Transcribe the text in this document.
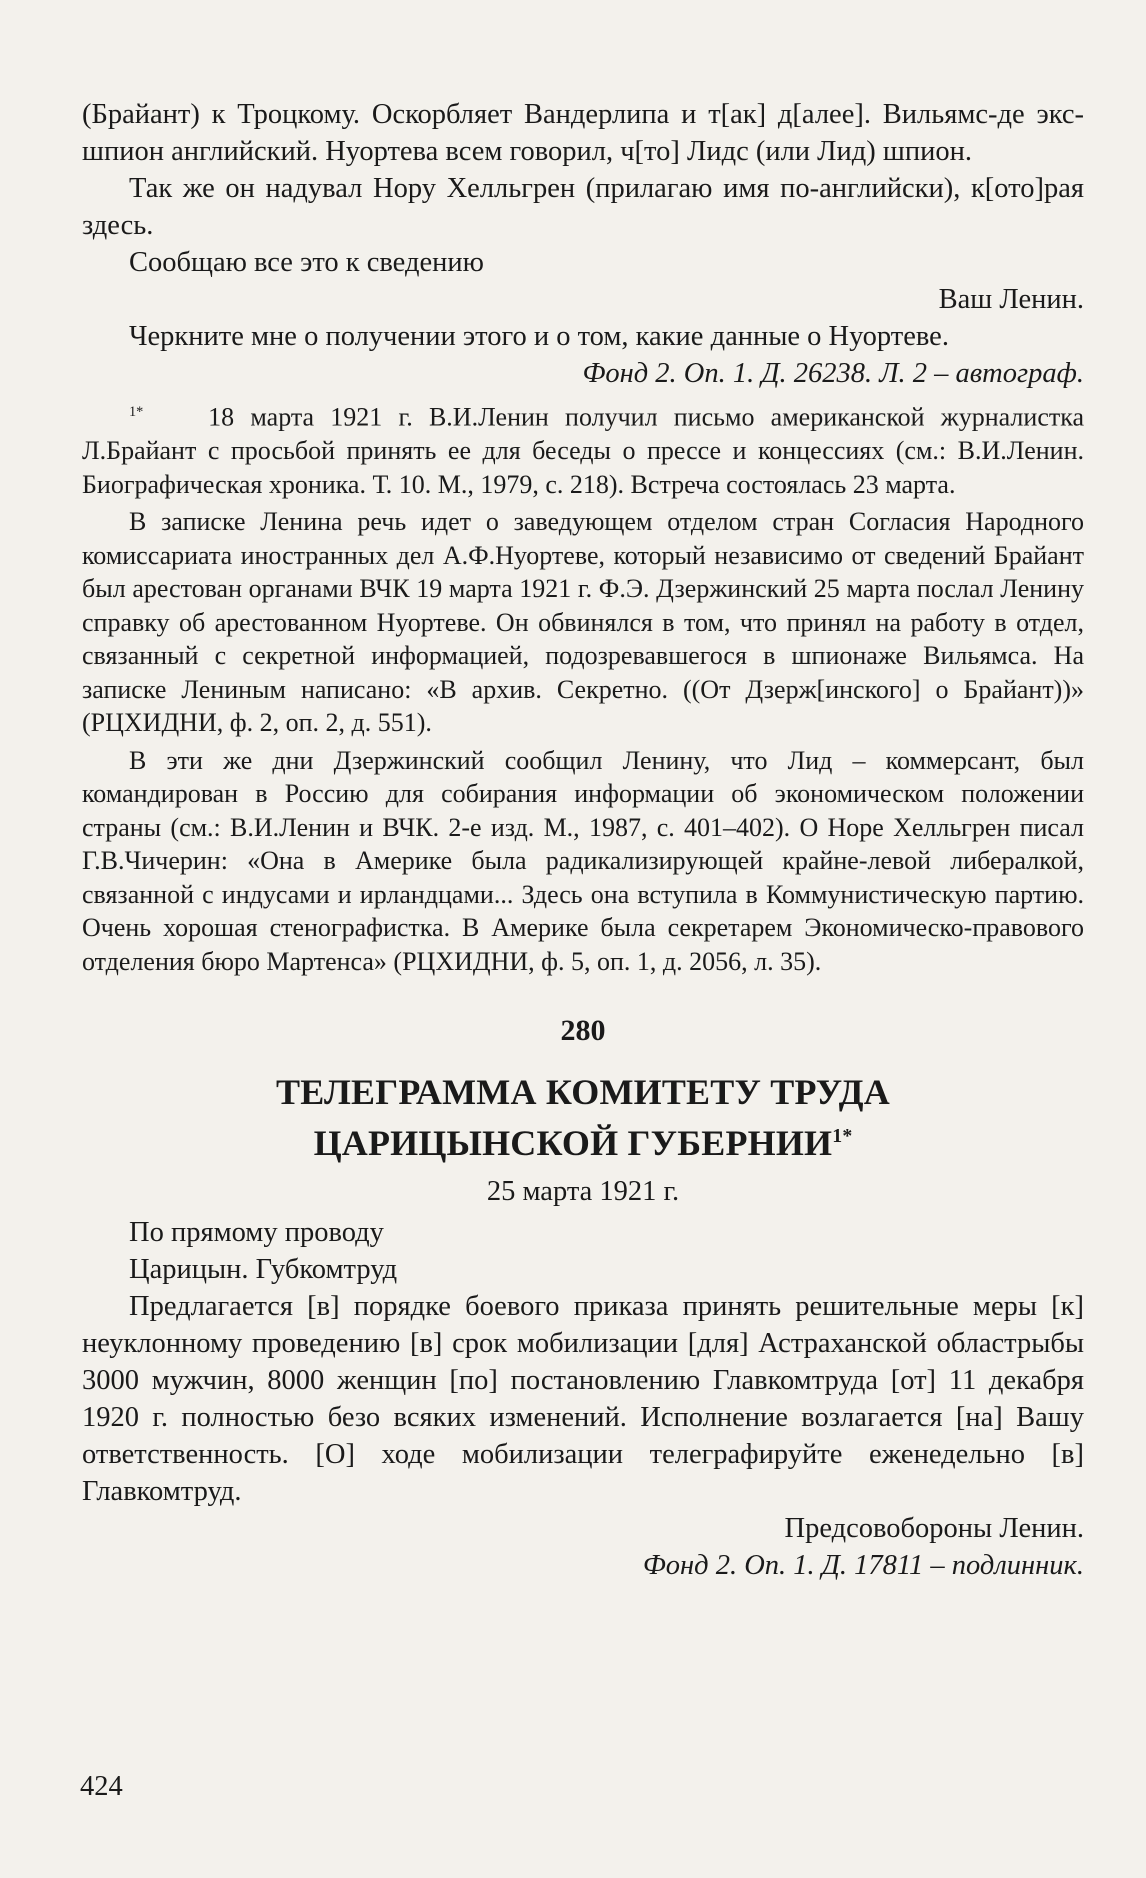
(Брайант) к Троцкому. Оскорбляет Вандерлипа и т[ак] д[алее]. Вильямс-де экс-шпион английский. Нуортева всем говорил, ч[то] Лидс (или Лид) шпион.

Так же он надувал Нору Хелльгрен (прилагаю имя по-английски), к[ото]рая здесь.

Сообщаю все это к сведению

Ваш Ленин.

Черкните мне о получении этого и о том, какие данные о Нуортеве.

Фонд 2. Оп. 1. Д. 26238. Л. 2 – автограф.

$^{1*}$ 18 марта 1921 г. В.И.Ленин получил письмо американской журналистка Л.Брайант с просьбой принять ее для беседы о прессе и концессиях (см.: В.И.Ленин. Биографическая хроника. Т. 10. М., 1979, с. 218). Встреча состоялась 23 марта.

В записке Ленина речь идет о заведующем отделом стран Согласия Народного комиссариата иностранных дел А.Ф.Нуортеве, который независимо от сведений Брайант был арестован органами ВЧК 19 марта 1921 г. Ф.Э. Дзержинский 25 марта послал Ленину справку об арестованном Нуортеве. Он обвинялся в том, что принял на работу в отдел, связанный с секретной информацией, подозревавшегося в шпионаже Вильямса. На записке Лениным написано: «В архив. Секретно. ((От Дзерж[инского] о Брайант))» (РЦХИДНИ, ф. 2, оп. 2, д. 551).

В эти же дни Дзержинский сообщил Ленину, что Лид – коммерсант, был командирован в Россию для собирания информации об экономическом положении страны (см.: В.И.Ленин и ВЧК. 2-е изд. М., 1987, с. 401–402). О Норе Хелльгрен писал Г.В.Чичерин: «Она в Америке была радикализирующей крайне-левой либералкой, связанной с индусами и ирландцами... Здесь она вступила в Коммунистическую партию. Очень хорошая стенографистка. В Америке была секретарем Экономическо-правового отделения бюро Мартенса» (РЦХИДНИ, ф. 5, оп. 1, д. 2056, л. 35).

280

ТЕЛЕГРАММА КОМИТЕТУ ТРУДА

ЦАРИЦЫНСКОЙ $ГУБЕРНИИ^{1*}$

25 марта 1921 г.

По прямому проводу

Царицын. Губкомтруд

Предлагается [в] порядке боевого приказа принять решительные меры [к] неуклонному проведению [в] срок мобилизации [для] Астраханской областрыбы 3000 мужчин, 8000 женщин [по] постановлению Главкомтруда [от] 11 декабря 1920 г. полностью безо всяких изменений. Исполнение возлагается [на] Вашу ответственность. [О] ходе мобилизации телеграфируйте еженедельно [в] Главкомтруд.

Предсовобороны Ленин.

Фонд 2. Оп. 1. Д. 17811 – подлинник.

424
